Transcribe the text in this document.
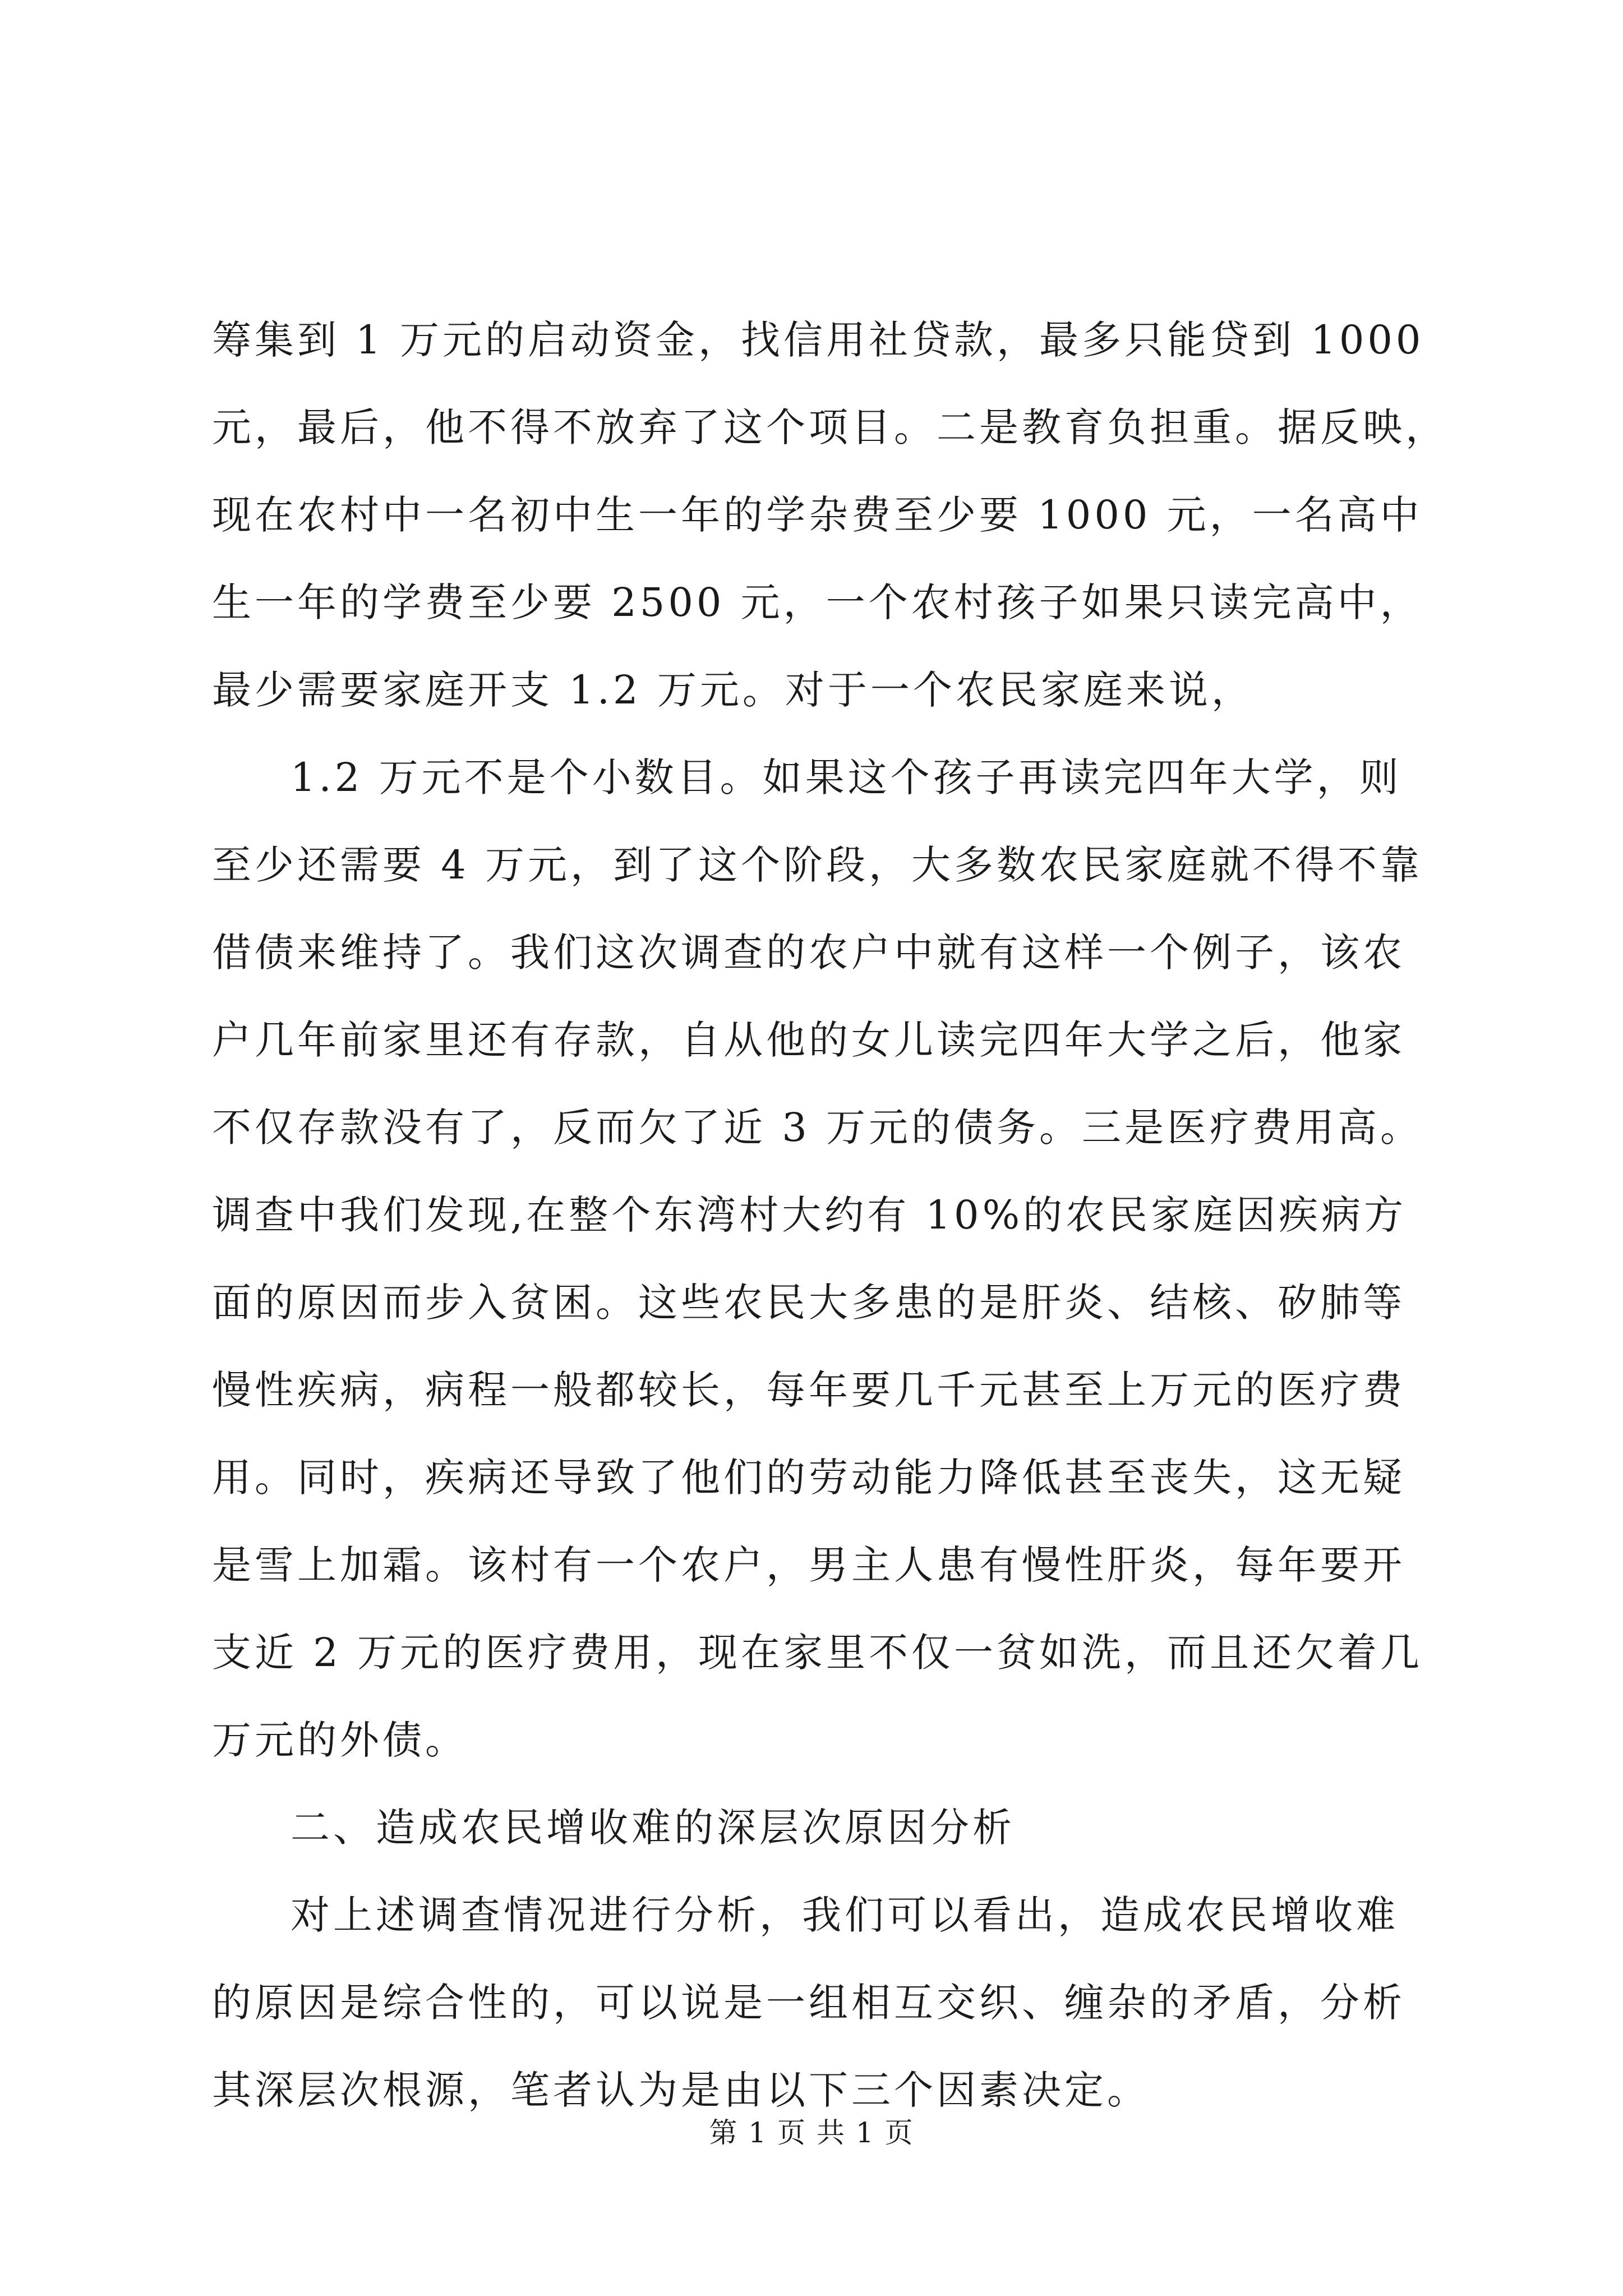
筹集到 1 万元的启动资金，找信用社贷款，最多只能贷到 1000
元，最后，他不得不放弃了这个项目。二是教育负担重。据反映，
现在农村中一名初中生一年的学杂费至少要 1000 元，一名高中
生一年的学费至少要 2500 元，一个农村孩子如果只读完高中，
最少需要家庭开支 1.2 万元。对于一个农民家庭来说，
1.2 万元不是个小数目。如果这个孩子再读完四年大学，则
至少还需要 4 万元，到了这个阶段，大多数农民家庭就不得不靠
借债来维持了。我们这次调查的农户中就有这样一个例子，该农
户几年前家里还有存款，自从他的女儿读完四年大学之后，他家
不仅存款没有了，反而欠了近 3 万元的债务。三是医疗费用高。
调查中我们发现,在整个东湾村大约有 10%的农民家庭因疾病方
面的原因而步入贫困。这些农民大多患的是肝炎、结核、矽肺等
慢性疾病，病程一般都较长，每年要几千元甚至上万元的医疗费
用。同时，疾病还导致了他们的劳动能力降低甚至丧失，这无疑
是雪上加霜。该村有一个农户，男主人患有慢性肝炎，每年要开
支近 2 万元的医疗费用，现在家里不仅一贫如洗，而且还欠着几
万元的外债。
二、造成农民增收难的深层次原因分析
对上述调查情况进行分析，我们可以看出，造成农民增收难
的原因是综合性的，可以说是一组相互交织、缠杂的矛盾，分析
其深层次根源，笔者认为是由以下三个因素决定。
第 1 页 共 1 页
